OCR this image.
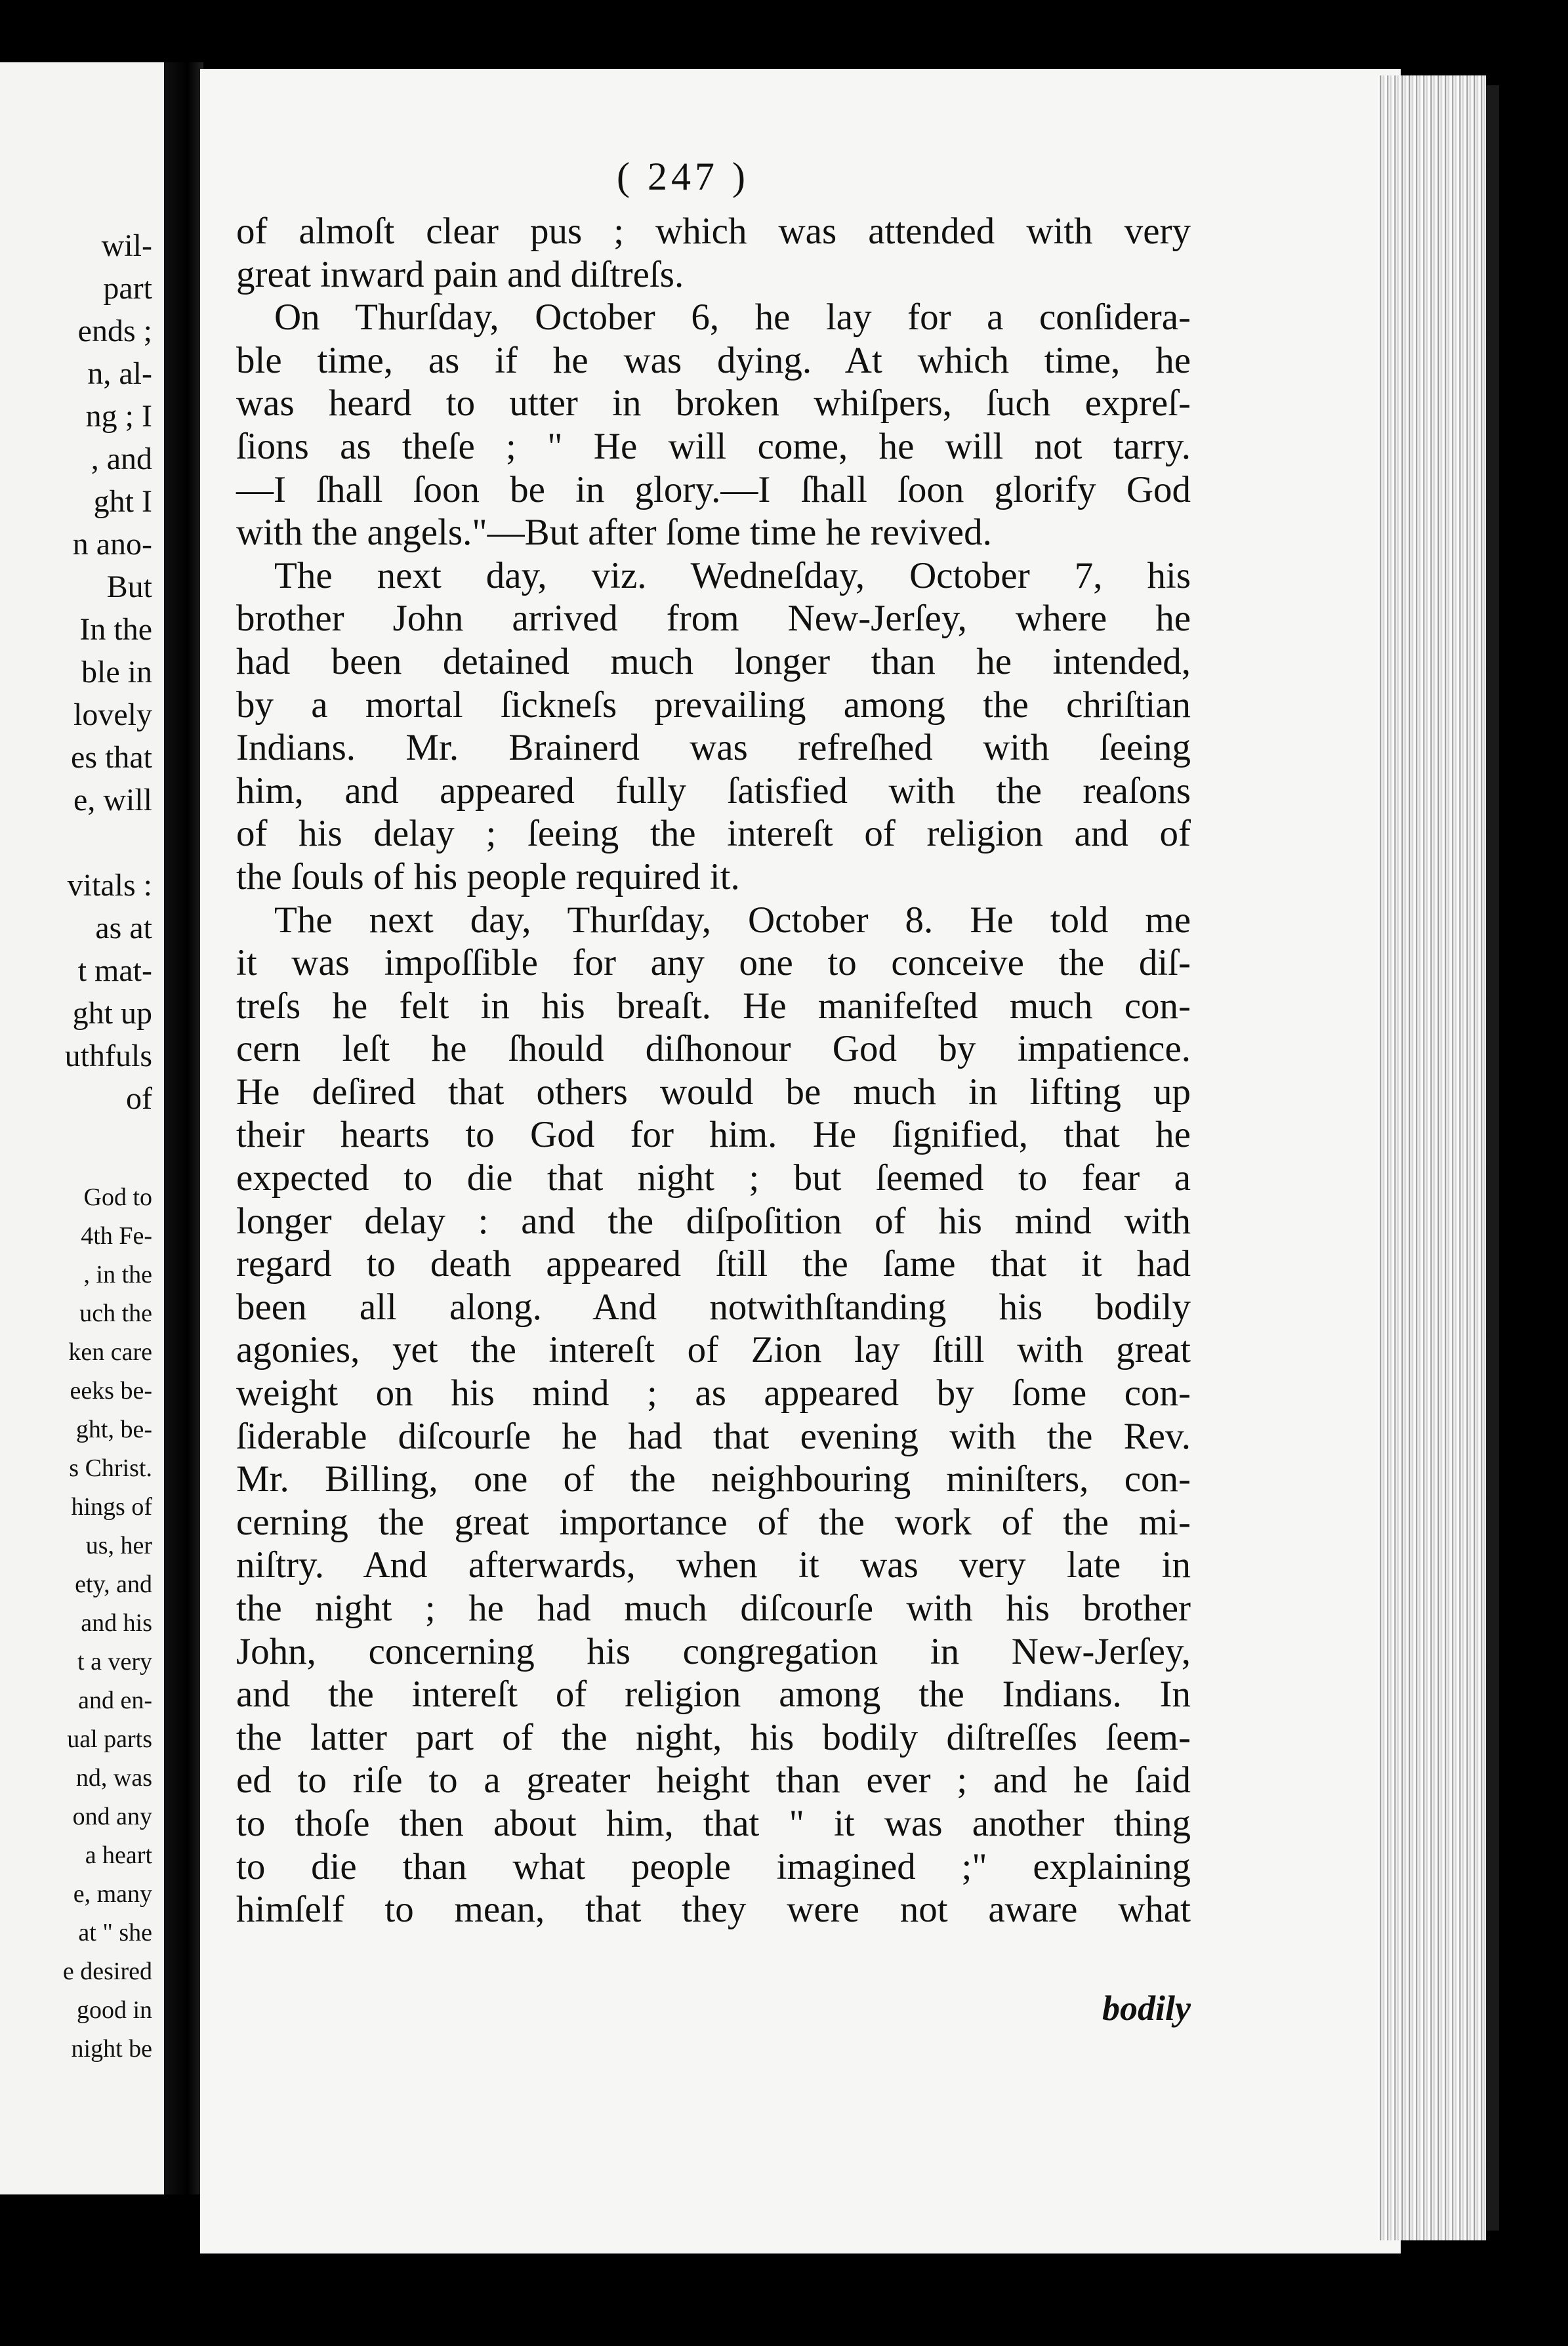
wil-
part
ends ;
n, al-
ng ; I
, and
ght I
n ano-
But
In the
ble in
lovely
es that
e, will
vitals :
as at
t mat-
ght up
uthfuls
of
God to
4th Fe-
, in the
uch the
ken care
eeks be-
ght, be-
s Christ.
hings of
us, her
ety, and
and his
t a very
and en-
ual parts
nd, was
ond any
a heart
e, many
at " she
e desired
good in
night be
( 247 )
of almoſt clear pus ; which was attended with very
great inward pain and diſtreſs.
On Thurſday, October 6, he lay for a conſidera-
ble time, as if he was dying. At which time, he
was heard to utter in broken whiſpers, ſuch expreſ-
ſions as theſe ; " He will come, he will not tarry.
—I ſhall ſoon be in glory.—I ſhall ſoon glorify God
with the angels."—But after ſome time he revived.
The next day, viz. Wedneſday, October 7, his
brother John arrived from New-Jerſey, where he
had been detained much longer than he intended,
by a mortal ſickneſs prevailing among the chriſtian
Indians. Mr. Brainerd was refreſhed with ſeeing
him, and appeared fully ſatisfied with the reaſons
of his delay ; ſeeing the intereſt of religion and of
the ſouls of his people required it.
The next day, Thurſday, October 8. He told me
it was impoſſible for any one to conceive the diſ-
treſs he felt in his breaſt. He manifeſted much con-
cern leſt he ſhould diſhonour God by impatience.
He deſired that others would be much in lifting up
their hearts to God for him. He ſignified, that he
expected to die that night ; but ſeemed to fear a
longer delay : and the diſpoſition of his mind with
regard to death appeared ſtill the ſame that it had
been all along. And notwithſtanding his bodily
agonies, yet the intereſt of Zion lay ſtill with great
weight on his mind ; as appeared by ſome con-
ſiderable diſcourſe he had that evening with the Rev.
Mr. Billing, one of the neighbouring miniſters, con-
cerning the great importance of the work of the mi-
niſtry. And afterwards, when it was very late in
the night ; he had much diſcourſe with his brother
John, concerning his congregation in New-Jerſey,
and the intereſt of religion among the Indians. In
the latter part of the night, his bodily diſtreſſes ſeem-
ed to riſe to a greater height than ever ; and he ſaid
to thoſe then about him, that " it was another thing
to die than what people imagined ;" explaining
himſelf to mean, that they were not aware what
bodily
